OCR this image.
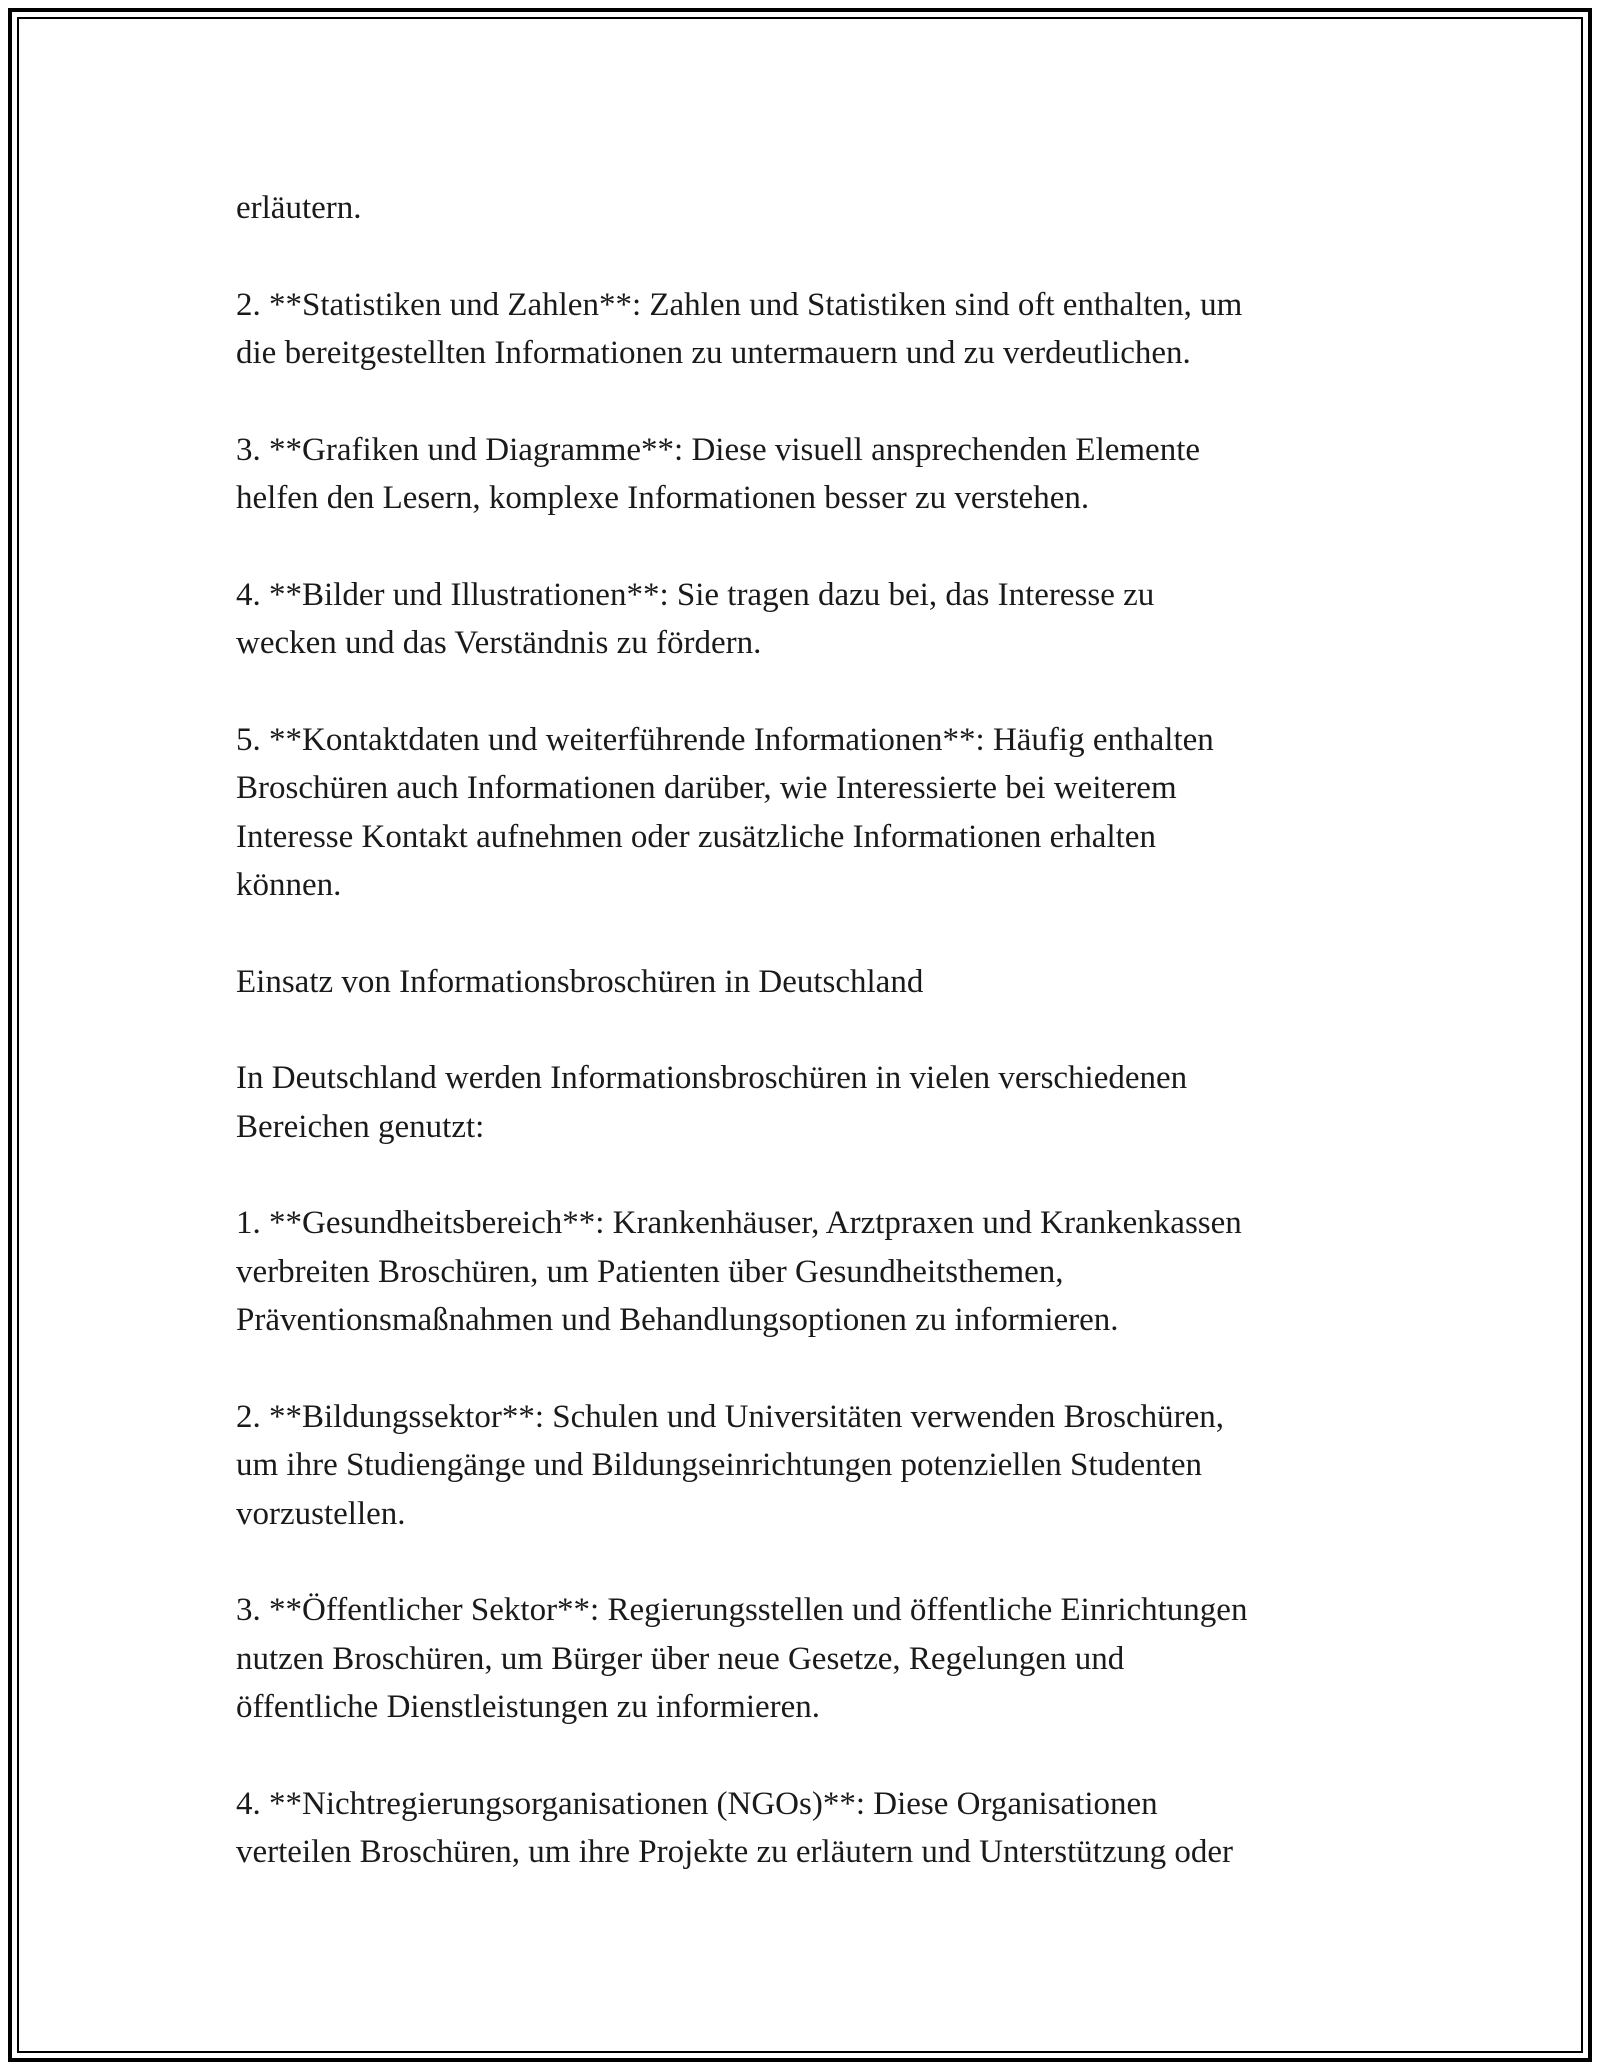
erläutern.

2. **Statistiken und Zahlen**: Zahlen und Statistiken sind oft enthalten, um
die bereitgestellten Informationen zu untermauern und zu verdeutlichen.

3. **Grafiken und Diagramme**: Diese visuell ansprechenden Elemente
helfen den Lesern, komplexe Informationen besser zu verstehen.

4. **Bilder und Illustrationen**: Sie tragen dazu bei, das Interesse zu
wecken und das Verständnis zu fördern.

5. **Kontaktdaten und weiterführende Informationen**: Häufig enthalten
Broschüren auch Informationen darüber, wie Interessierte bei weiterem
Interesse Kontakt aufnehmen oder zusätzliche Informationen erhalten
können.

Einsatz von Informationsbroschüren in Deutschland

In Deutschland werden Informationsbroschüren in vielen verschiedenen
Bereichen genutzt:

1. **Gesundheitsbereich**: Krankenhäuser, Arztpraxen und Krankenkassen
verbreiten Broschüren, um Patienten über Gesundheitsthemen,
Präventionsmaßnahmen und Behandlungsoptionen zu informieren.

2. **Bildungssektor**: Schulen und Universitäten verwenden Broschüren,
um ihre Studiengänge und Bildungseinrichtungen potenziellen Studenten
vorzustellen.

3. **Öffentlicher Sektor**: Regierungsstellen und öffentliche Einrichtungen
nutzen Broschüren, um Bürger über neue Gesetze, Regelungen und
öffentliche Dienstleistungen zu informieren.

4. **Nichtregierungsorganisationen (NGOs)**: Diese Organisationen
verteilen Broschüren, um ihre Projekte zu erläutern und Unterstützung oder
